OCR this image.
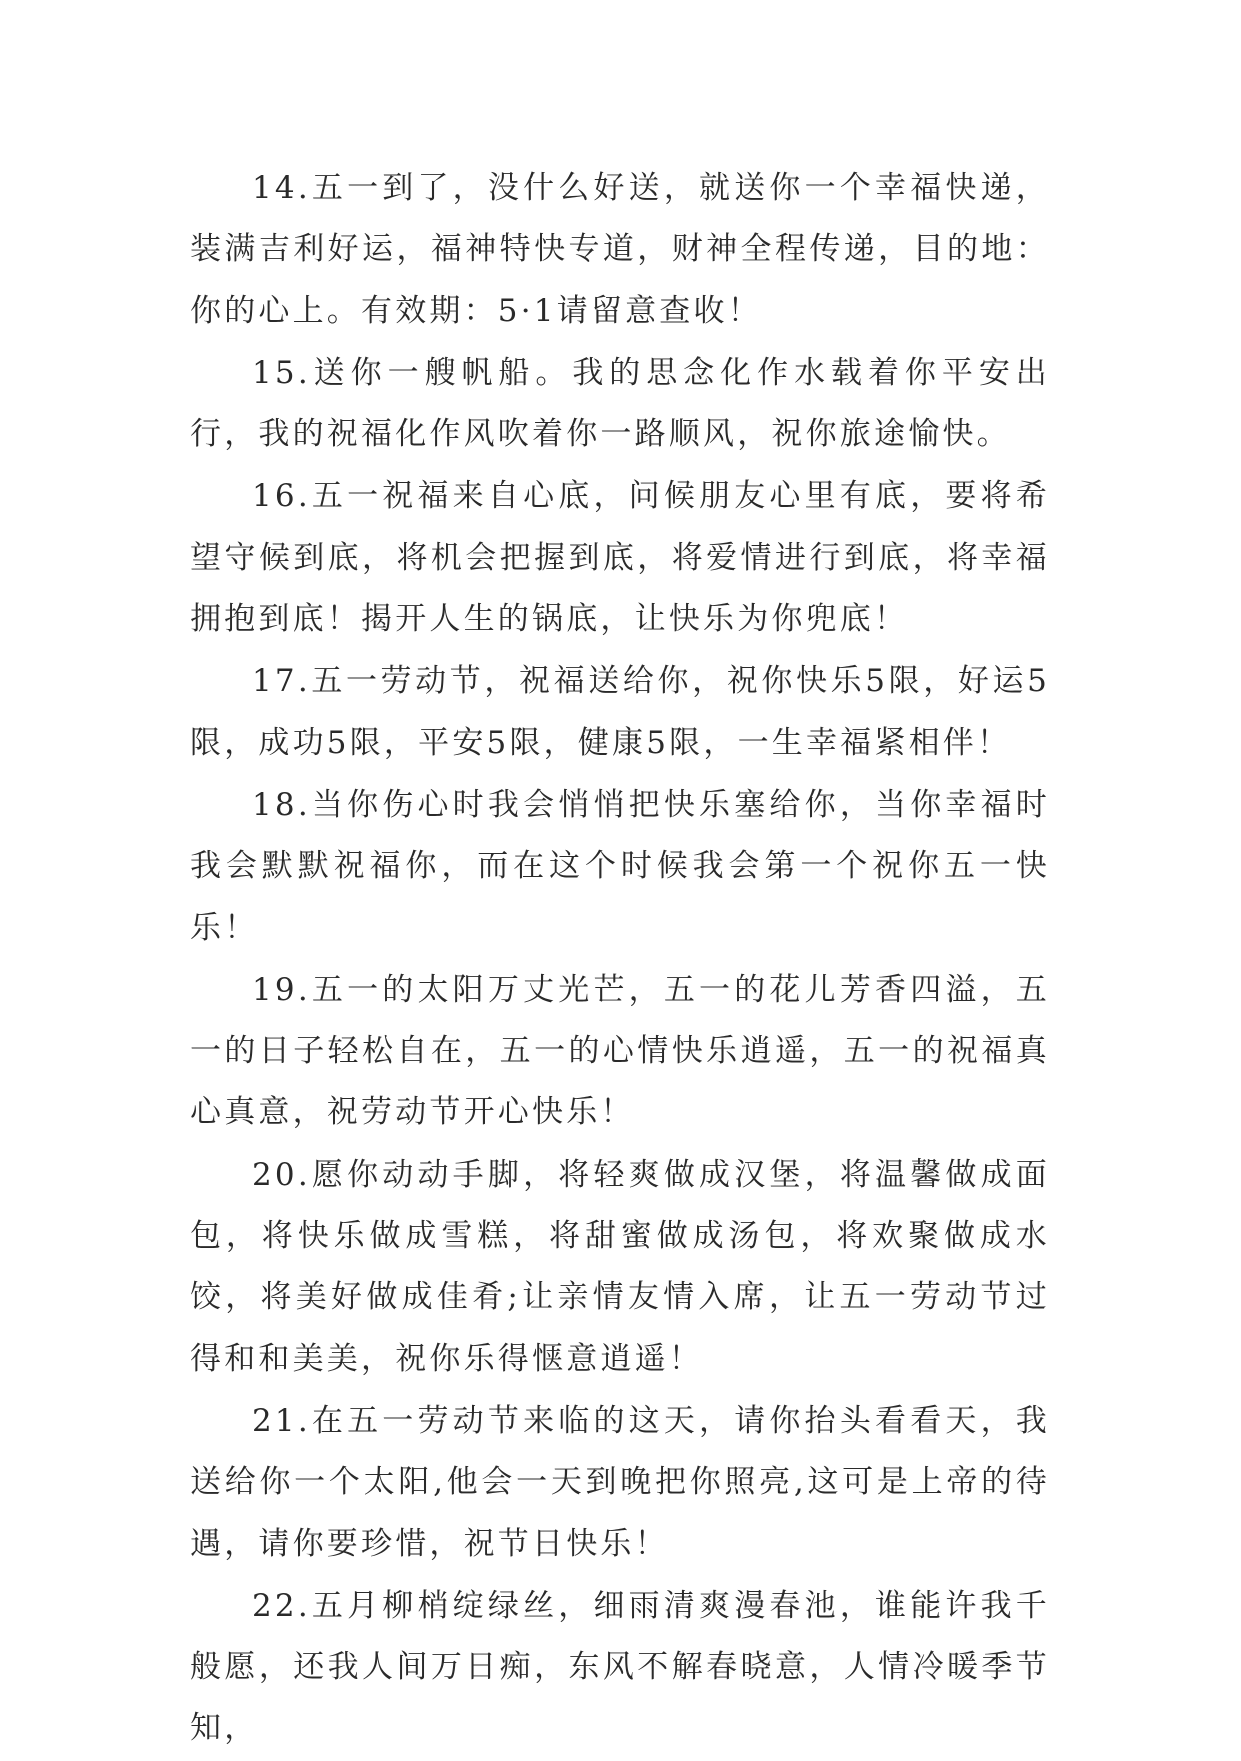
14.五一到了，没什么好送，就送你一个幸福快递，装满吉利好运，福神特快专道，财神全程传递，目的地：你的心上。有效期：5·1请留意查收！

15.送你一艘帆船。我的思念化作水载着你平安出行，我的祝福化作风吹着你一路顺风，祝你旅途愉快。

16.五一祝福来自心底，问候朋友心里有底，要将希望守候到底，将机会把握到底，将爱情进行到底，将幸福拥抱到底！揭开人生的锅底，让快乐为你兜底！

17.五一劳动节，祝福送给你，祝你快乐5限，好运5限，成功5限，平安5限，健康5限，一生幸福紧相伴！

18.当你伤心时我会悄悄把快乐塞给你，当你幸福时我会默默祝福你，而在这个时候我会第一个祝你五一快乐！

19.五一的太阳万丈光芒，五一的花儿芳香四溢，五一的日子轻松自在，五一的心情快乐逍遥，五一的祝福真心真意，祝劳动节开心快乐！

20.愿你动动手脚，将轻爽做成汉堡，将温馨做成面包，将快乐做成雪糕，将甜蜜做成汤包，将欢聚做成水饺，将美好做成佳肴;让亲情友情入席，让五一劳动节过得和和美美，祝你乐得惬意逍遥！

21.在五一劳动节来临的这天，请你抬头看看天，我送给你一个太阳,他会一天到晚把你照亮,这可是上帝的待遇，请你要珍惜，祝节日快乐！

22.五月柳梢绽绿丝，细雨清爽漫春池，谁能许我千般愿，还我人间万日痴，东风不解春晓意，人情冷暖季节知，
